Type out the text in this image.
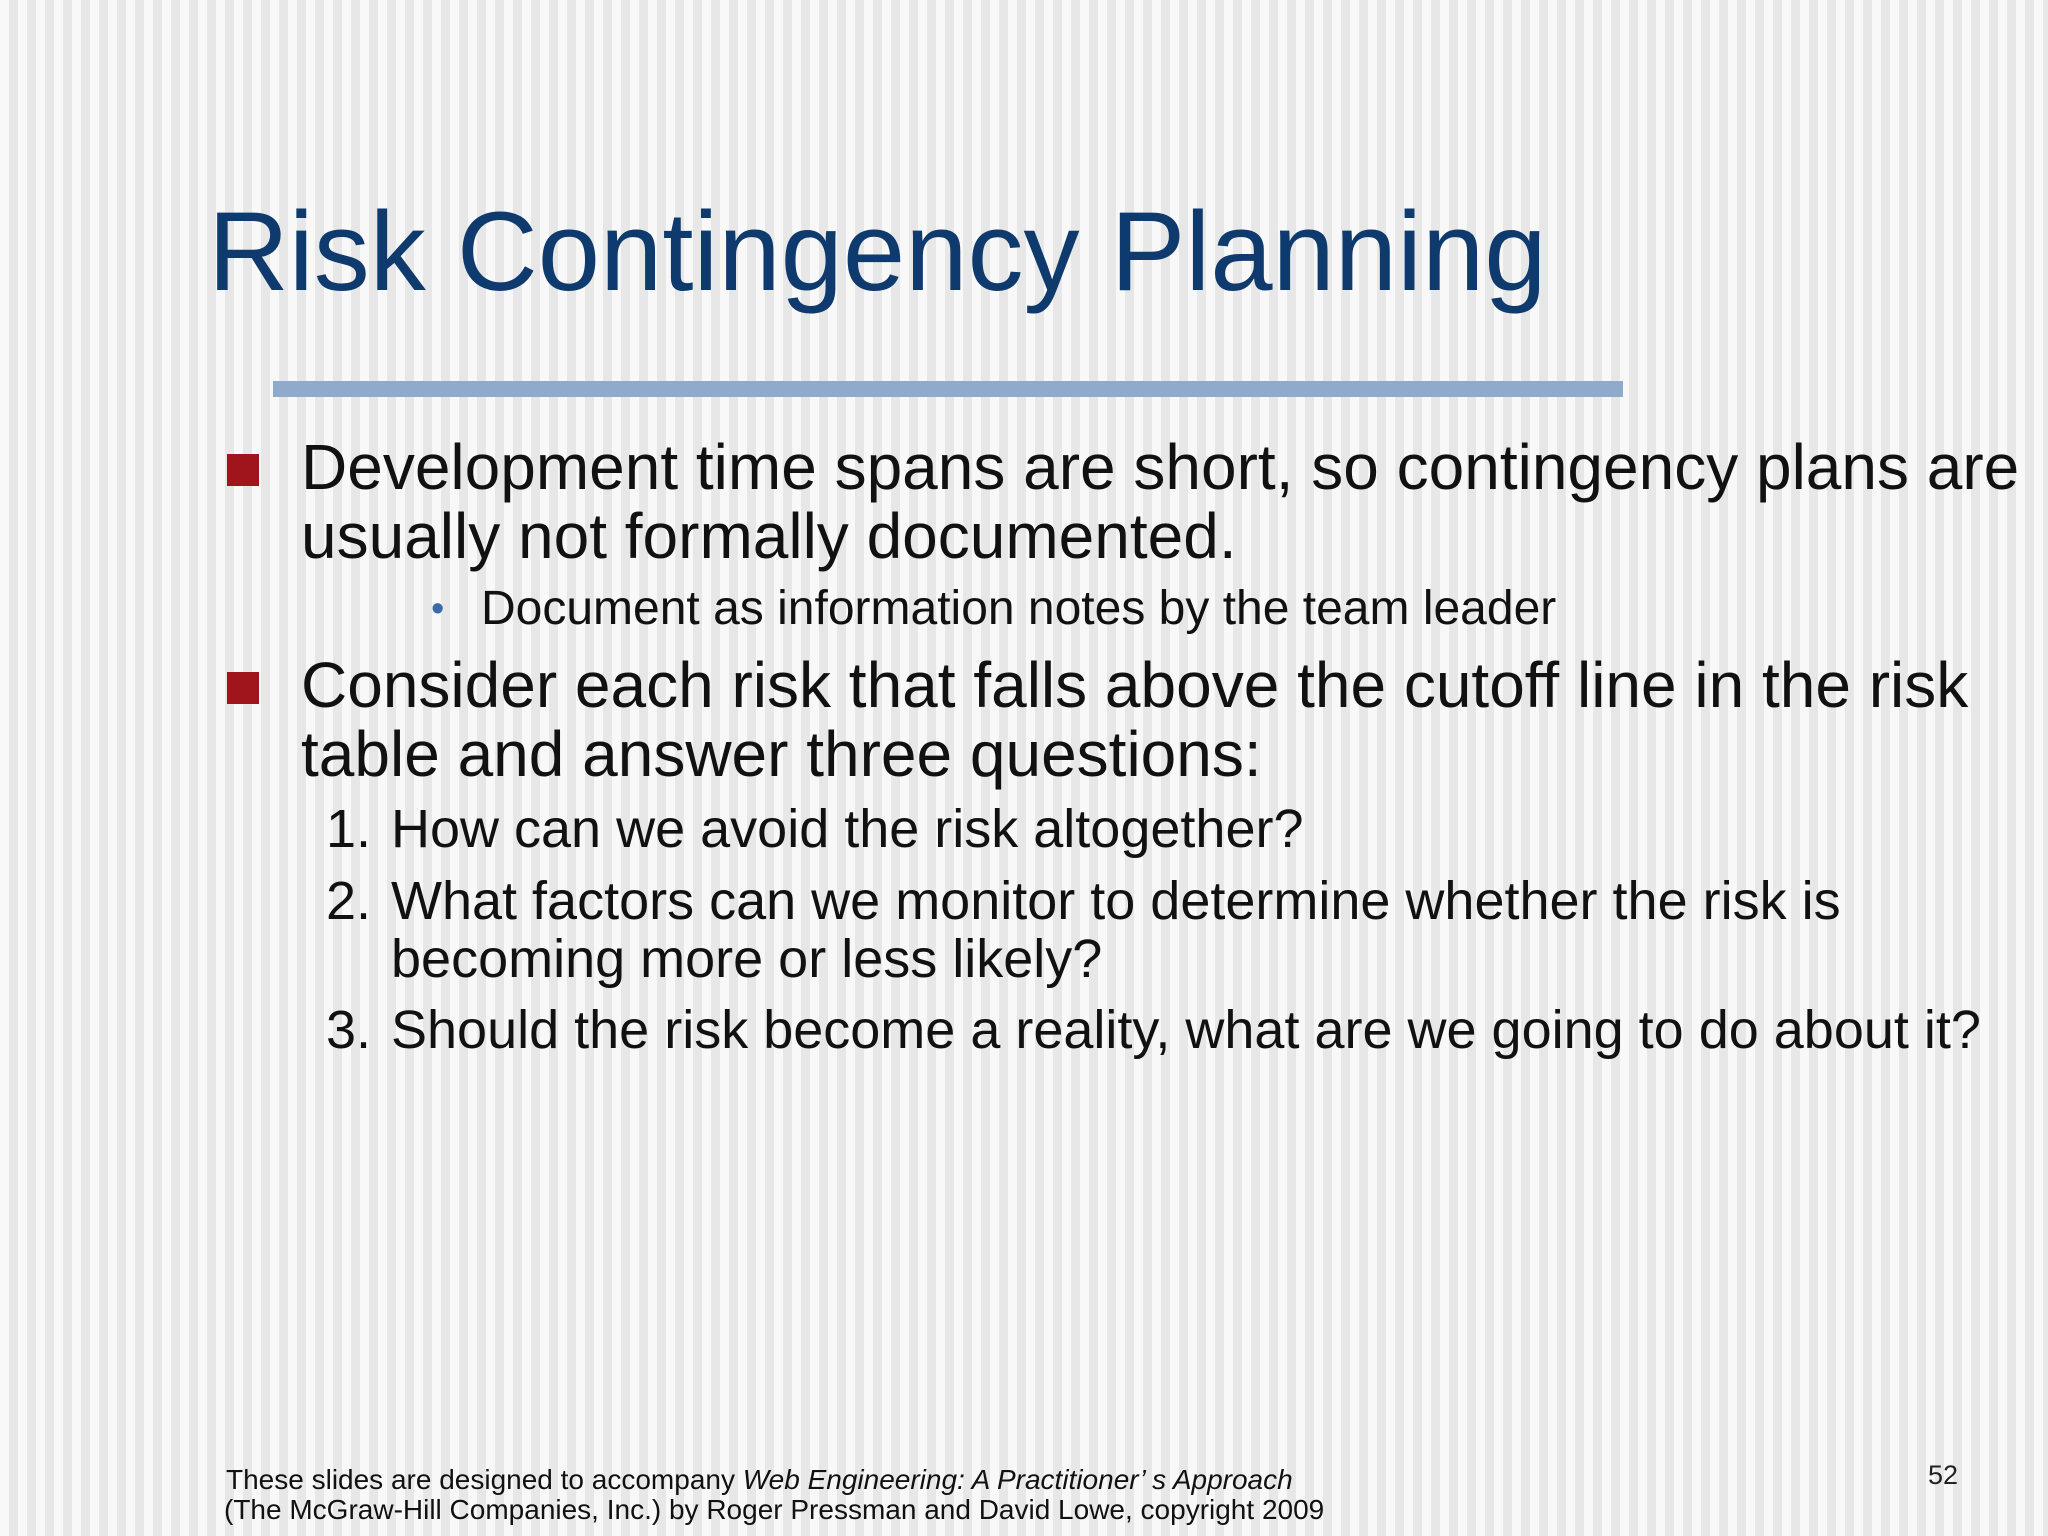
Risk Contingency Planning
Development time spans are short, so contingency plans are usually not formally documented.
• Document as information notes by the team leader
Consider each risk that falls above the cutoff line in the risk table and answer three questions:
1. How can we avoid the risk altogether?
2. What factors can we monitor to determine whether the risk is becoming more or less likely?
3. Should the risk become a reality, what are we going to do about it?
These slides are designed to accompany Web Engineering: A Practitioner’ s Approach
(The McGraw-Hill Companies, Inc.) by Roger Pressman and David Lowe, copyright 2009
52
